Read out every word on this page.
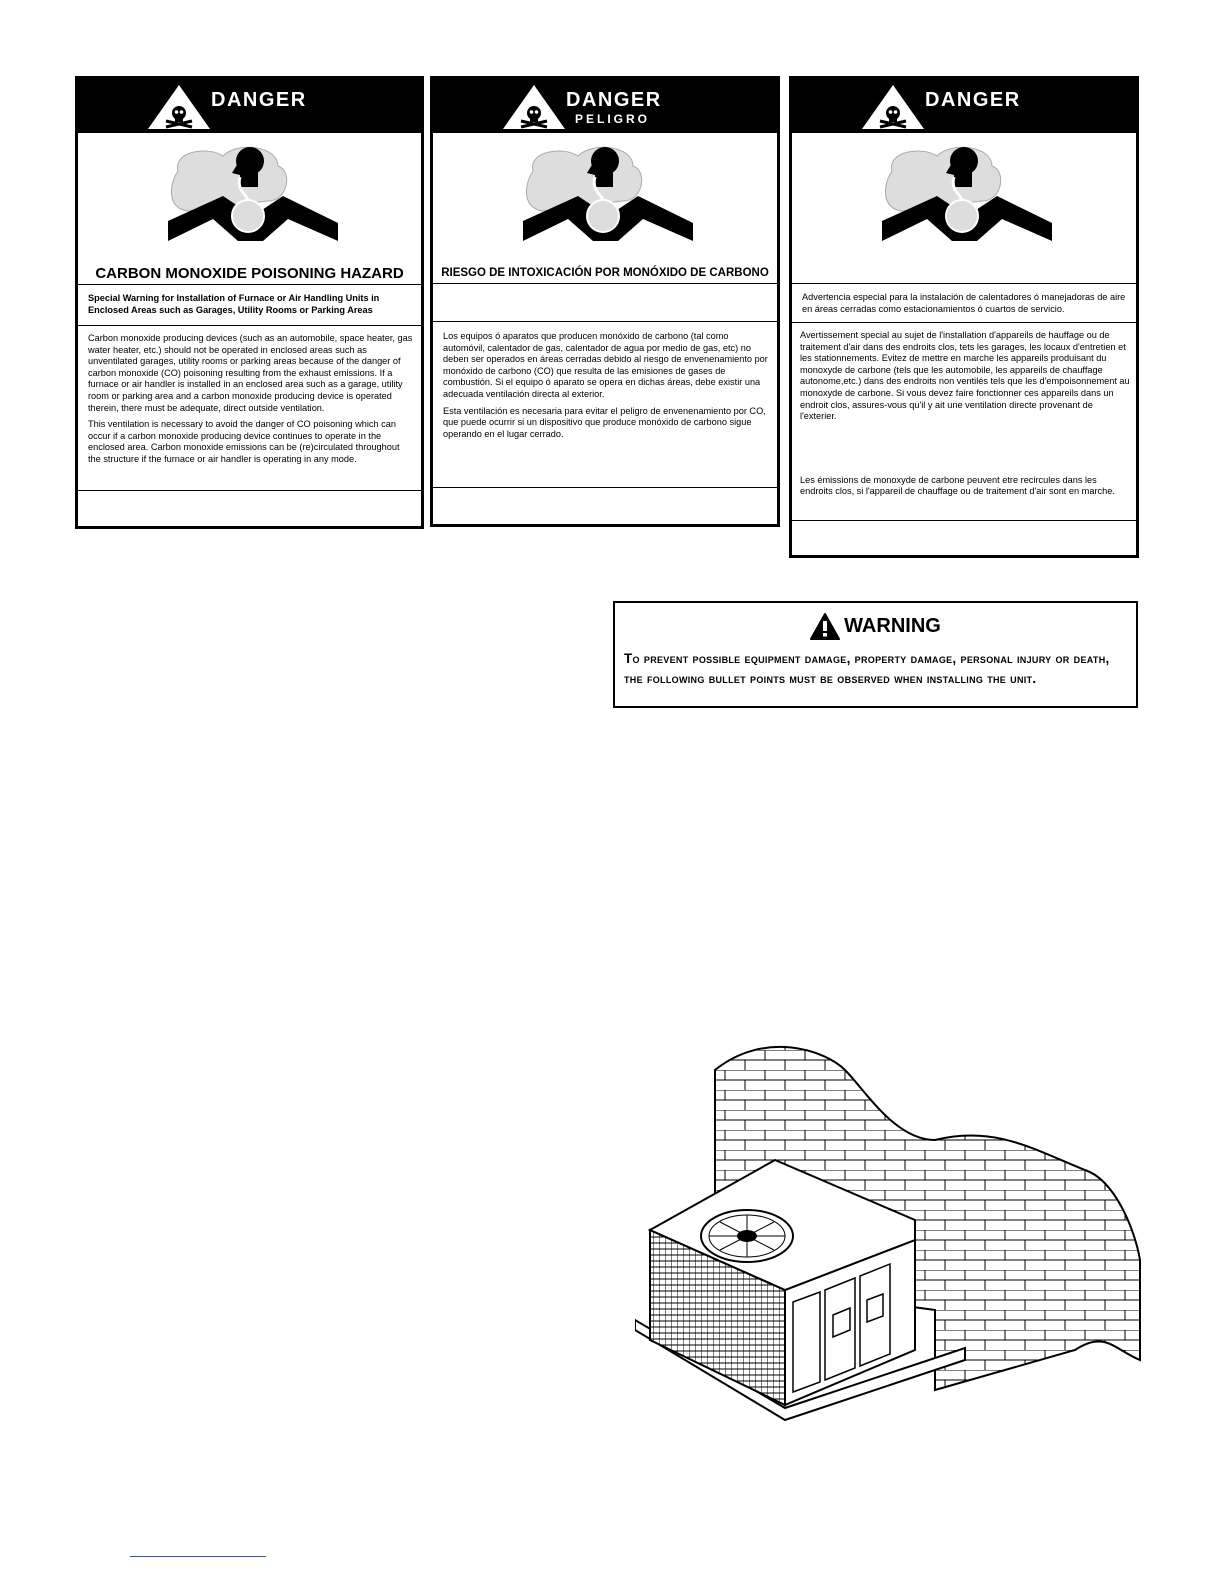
DANGER
CARBON MONOXIDE POISONING HAZARD
Special Warning for Installation of Furnace or Air Handling Units in Enclosed Areas such as Garages, Utility Rooms or Parking Areas

Carbon monoxide producing devices (such as an automobile, space heater, gas water heater, etc.) should not be operated in enclosed areas such as unventilated garages, utility rooms or parking areas because of the danger of carbon monoxide (CO) poisoning resulting from the exhaust emissions. If a furnace or air handler is installed in an enclosed area such as a garage, utility room or parking area and a carbon monoxide producing device is operated therein, there must be adequate, direct outside ventilation.

This ventilation is necessary to avoid the danger of CO poisoning which can occur if a carbon monoxide producing device continues to operate in the enclosed area. Carbon monoxide emissions can be (re)circulated throughout the structure if the furnace or air handler is operating in any mode.

DANGER
PELIGRO
RIESGO DE INTOXICACIÓN POR MONÓXIDO DE CARBONO

Los equipos ó aparatos que producen monóxido de carbono (tal como automóvil, calentador de gas, calentador de agua por medio de gas, etc) no deben ser operados en áreas cerradas debido al riesgo de envenenamiento por monóxido de carbono (CO) que resulta de las emisiones de gases de combustión. Si el equipo ó aparato se opera en dichas áreas, debe existir una adecuada ventilación directa al exterior.

Esta ventilación es necesaria para evitar el peligro de envenenamiento por CO, que puede ocurrir si un dispositivo que produce monóxido de carbono sigue operando en el lugar cerrado.

DANGER
Advertencia especial para la instalación de calentadores ó manejadoras de aire en áreas cerradas como estacionamientos ó cuartos de servicio.

Avertissement special au sujet de l'installation d'appareils de hauffage ou de traitement d'air dans des endroits clos, tets les garages, les locaux d'entretien et les stationnements. Evitez de mettre en marche les appareils produisant du monoxyde de carbone (tels que les automobile, les appareils de chauffage autonome,etc.) dans des endroits non ventilés tels que les d'empoisonnement au monoxyde de carbone. Si vous devez faire fonctionner ces appareils dans un endroit clos, assures-vous qu'il y ait une ventilation directe provenant de l'exterier.

Les émissions de monoxyde de carbone peuvent etre recircules dans les endroits clos, si l'appareil de chauffage ou de traitement d'air sont en marche.

WARNING
To prevent possible equipment damage, property damage, personal injury or death, the following bullet points must be observed when installing the unit.
